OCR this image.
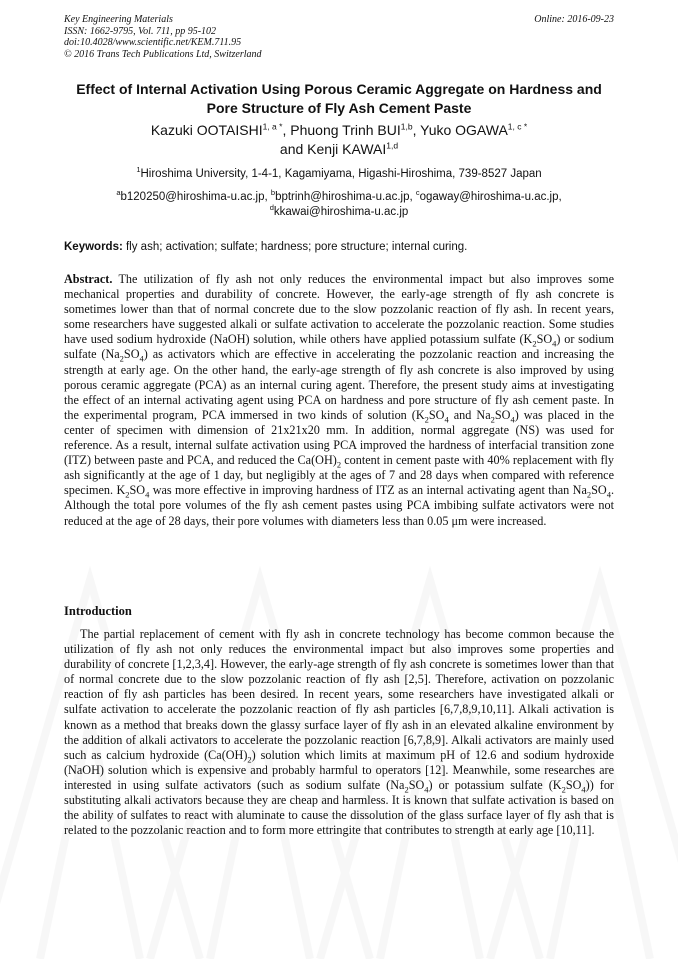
Key Engineering Materials
ISSN: 1662-9795, Vol. 711, pp 95-102
doi:10.4028/www.scientific.net/KEM.711.95
© 2016 Trans Tech Publications Ltd, Switzerland
Online: 2016-09-23
Effect of Internal Activation Using Porous Ceramic Aggregate on Hardness and Pore Structure of Fly Ash Cement Paste
Kazuki $OOTAISHI^{1, a *}$, Phuong Trinh BUI$^{1,b}$, Yuko $OGAWA^{1, c *}$
and Kenji KAWAI$^{1,d}$
$^1$Hiroshima University, 1-4-1, Kagamiyama, Higashi-Hiroshima, 739-8527 Japan
$^a$b120250@hiroshima-u.ac.jp, $^b$bptrinh@hiroshima-u.ac.jp, $^c$ogaway@hiroshima-u.ac.jp,
$^d$kkawai@hiroshima-u.ac.jp
Keywords: fly ash; activation; sulfate; hardness; pore structure; internal curing.

Abstract. The utilization of fly ash not only reduces the environmental impact but also improves some mechanical properties and durability of concrete. However, the early-age strength of fly ash concrete is sometimes lower than that of normal concrete due to the slow pozzolanic reaction of fly ash. In recent years, some researchers have suggested alkali or sulfate activation to accelerate the pozzolanic reaction. Some studies have used sodium hydroxide (NaOH) solution, while others have applied potassium sulfate $(K_2SO_4)$ or sodium sulfate $(Na_2SO_4)$ as activators which are effective in accelerating the pozzolanic reaction and increasing the strength at early age. On the other hand, the early-age strength of fly ash concrete is also improved by using porous ceramic aggregate (PCA) as an internal curing agent. Therefore, the present study aims at investigating the effect of an internal activating agent using PCA on hardness and pore structure of fly ash cement paste. In the experimental program, PCA immersed in two kinds of solution ($K_2SO_4$ and $Na_2SO_4$) was placed in the center of specimen with dimension of 21x21x20 mm. In addition, normal aggregate (NS) was used for reference. As a result, internal sulfate activation using PCA improved the hardness of interfacial transition zone (ITZ) between paste and PCA, and reduced the $Ca(OH)_2$ content in cement paste with 40% replacement with fly ash significantly at the age of 1 day, but negligibly at the ages of 7 and 28 days when compared with reference specimen. $K_2SO_4$ was more effective in improving hardness of ITZ as an internal activating agent than $Na_2SO_4$. Although the total pore volumes of the fly ash cement pastes using PCA imbibing sulfate activators were not reduced at the age of 28 days, their pore volumes with diameters less than 0.05 μm were increased.

Introduction

The partial replacement of cement with fly ash in concrete technology has become common because the utilization of fly ash not only reduces the environmental impact but also improves some properties and durability of concrete [1,2,3,4]. However, the early-age strength of fly ash concrete is sometimes lower than that of normal concrete due to the slow pozzolanic reaction of fly ash [2,5]. Therefore, activation on pozzolanic reaction of fly ash particles has been desired. In recent years, some researchers have investigated alkali or sulfate activation to accelerate the pozzolanic reaction of fly ash particles [6,7,8,9,10,11]. Alkali activation is known as a method that breaks down the glassy surface layer of fly ash in an elevated alkaline environment by the addition of alkali activators to accelerate the pozzolanic reaction [6,7,8,9]. Alkali activators are mainly used such as calcium hydroxide $(Ca(OH)_2)$ solution which limits at maximum pH of 12.6 and sodium hydroxide (NaOH) solution which is expensive and probably harmful to operators [12]. Meanwhile, some researches are interested in using sulfate activators (such as sodium sulfate $(Na_2SO_4)$ or potassium sulfate $(K_2SO_4)$) for substituting alkali activators because they are cheap and harmless. It is known that sulfate activation is based on the ability of sulfates to react with aluminate to cause the dissolution of the glass surface layer of fly ash that is related to the pozzolanic reaction and to form more ettringite that contributes to strength at early age [10,11].
